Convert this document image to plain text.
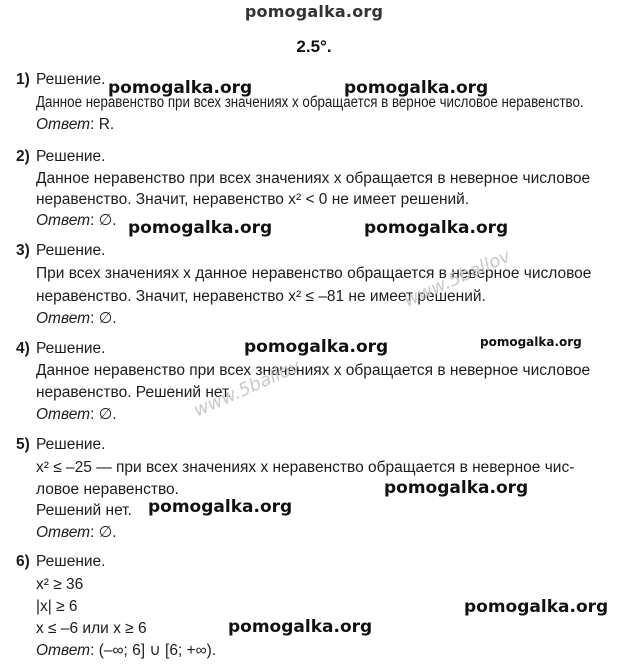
pomogalka.org
2.5°.
1) Решение.
Данное неравенство при всех значениях x обращается в верное числовое неравенство.
Ответ: R.
2) Решение.
Данное неравенство при всех значениях x обращается в неверное числовое
неравенство. Значит, неравенство x² < 0 не имеет решений.
Ответ: ∅.
3) Решение.
При всех значениях x данное неравенство обращается в неверное числовое
неравенство. Значит, неравенство x² ≤ –81 не имеет решений.
Ответ: ∅.
4) Решение.
Данное неравенство при всех значениях x обращается в неверное числовое
неравенство. Решений нет.
Ответ: ∅.
5) Решение.
x² ≤ –25 — при всех значениях x неравенство обращается в неверное чис-
ловое неравенство.
Решений нет.
Ответ: ∅.
6) Решение.
x² ≥ 36
|x| ≥ 6
x ≤ –6 или x ≥ 6
Ответ: (–∞; 6] ∪ [6; +∞).
pomogalka.org	pomogalka.org
pomogalka.org	pomogalka.org
pomogalka.org	pomogalka.org
pomogalka.org
pomogalka.org
pomogalka.org
pomogalka.org
www.5ballov
www.5ballov
